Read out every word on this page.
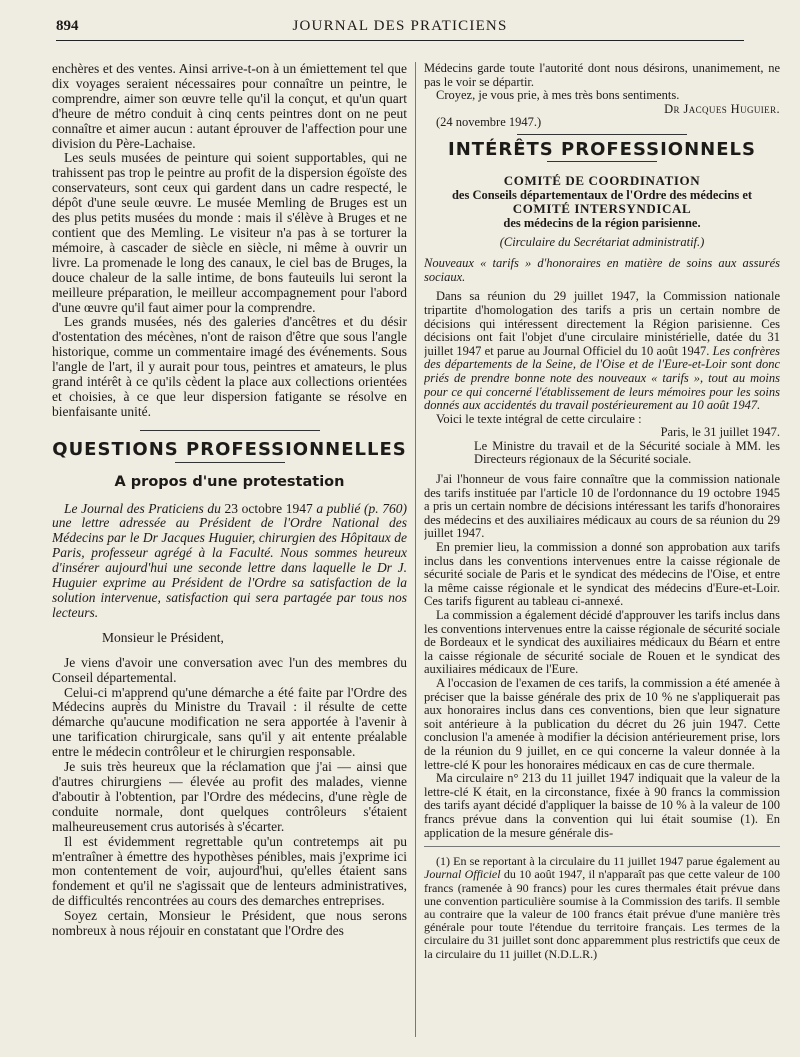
894	JOURNAL DES PRATICIENS

enchères et des ventes. Ainsi arrive-t-on à un émiettement tel que dix voyages seraient nécessaires pour connaître un peintre, le comprendre, aimer son œuvre telle qu'il la conçut, et qu'un quart d'heure de métro conduit à cinq cents peintres dont on ne peut connaître et aimer aucun : autant éprouver de l'affection pour une division du Père-Lachaise.

Les seuls musées de peinture qui soient supportables, qui ne trahissent pas trop le peintre au profit de la dispersion égoïste des conservateurs, sont ceux qui gardent dans un cadre respecté, le dépôt d'une seule œuvre. Le musée Memling de Bruges est un des plus petits musées du monde : mais il s'élève à Bruges et ne contient que des Memling. Le visiteur n'a pas à se torturer la mémoire, à cascader de siècle en siècle, ni même à ouvrir un livre. La promenade le long des canaux, le ciel bas de Bruges, la douce chaleur de la salle intime, de bons fauteuils lui seront la meilleure préparation, le meilleur accompagnement pour l'abord d'une œuvre qu'il faut aimer pour la comprendre.

Les grands musées, nés des galeries d'ancêtres et du désir d'ostentation des mécènes, n'ont de raison d'être que sous l'angle historique, comme un commentaire imagé des événements. Sous l'angle de l'art, il y aurait pour tous, peintres et amateurs, le plus grand intérêt à ce qu'ils cèdent la place aux collections orientées et choisies, à ce que leur dispersion fatigante se résolve en bienfaisante unité.

QUESTIONS PROFESSIONNELLES
A propos d'une protestation

Le Journal des Praticiens du 23 octobre 1947 a publié (p. 760) une lettre adressée au Président de l'Ordre National des Médecins par le Dr Jacques Huguier, chirurgien des Hôpitaux de Paris, professeur agrégé à la Faculté. Nous sommes heureux d'insérer aujourd'hui une seconde lettre dans laquelle le Dr J. Huguier exprime au Président de l'Ordre sa satisfaction de la solution intervenue, satisfaction qui sera partagée par tous nos lecteurs.

Monsieur le Président,

Je viens d'avoir une conversation avec l'un des membres du Conseil départemental.

Celui-ci m'apprend qu'une démarche a été faite par l'Ordre des Médecins auprès du Ministre du Travail : il résulte de cette démarche qu'aucune modification ne sera apportée à l'avenir à une tarification chirurgicale, sans qu'il y ait entente préalable entre le médecin contrôleur et le chirurgien responsable.

Je suis très heureux que la réclamation que j'ai — ainsi que d'autres chirurgiens — élevée au profit des malades, vienne d'aboutir à l'obtention, par l'Ordre des médecins, d'une règle de conduite normale, dont quelques contrôleurs s'étaient malheureusement crus autorisés à s'écarter.

Il est évidemment regrettable qu'un contretemps ait pu m'entraîner à émettre des hypothèses pénibles, mais j'exprime ici mon contentement de voir, aujourd'hui, qu'elles étaient sans fondement et qu'il ne s'agissait que de lenteurs administratives, de difficultés rencontrées au cours des demarches entreprises.

Soyez certain, Monsieur le Président, que nous serons nombreux à nous réjouir en constatant que l'Ordre des

Médecins garde toute l'autorité dont nous désirons, unanimement, ne pas le voir se départir.

Croyez, je vous prie, à mes très bons sentiments.

Dr Jacques Huguier.

(24 novembre 1947.)

INTÉRÊTS PROFESSIONNELS
COMITÉ DE COORDINATION
des Conseils départementaux de l'Ordre des médecins et
COMITÉ INTERSYNDICAL
des médecins de la région parisienne.
(Circulaire du Secrétariat administratif.)

Nouveaux « tarifs » d'honoraires en matière de soins aux assurés sociaux.

Dans sa réunion du 29 juillet 1947, la Commission nationale tripartite d'homologation des tarifs a pris un certain nombre de décisions qui intéressent directement la Région parisienne. Ces décisions ont fait l'objet d'une circulaire ministérielle, datée du 31 juillet 1947 et parue au Journal Officiel du 10 août 1947. Les confrères des départements de la Seine, de l'Oise et de l'Eure-et-Loir sont donc priés de prendre bonne note des nouveaux « tarifs », tout au moins pour ce qui concerné l'établissement de leurs mémoires pour les soins donnés aux accidentés du travail postérieurement au 10 août 1947.

Voici le texte intégral de cette circulaire :

Paris, le 31 juillet 1947.

Le Ministre du travail et de la Sécurité sociale à MM. les Directeurs régionaux de la Sécurité sociale.

J'ai l'honneur de vous faire connaître que la commission nationale des tarifs instituée par l'article 10 de l'ordonnance du 19 octobre 1945 a pris un certain nombre de décisions intéressant les tarifs d'honoraires des médecins et des auxiliaires médicaux au cours de sa réunion du 29 juillet 1947.

En premier lieu, la commission a donné son approbation aux tarifs inclus dans les conventions intervenues entre la caisse régionale de sécurité sociale de Paris et le syndicat des médecins de l'Oise, et entre la même caisse régionale et le syndicat des médecins d'Eure-et-Loir. Ces tarifs figurent au tableau ci-annexé.

La commission a également décidé d'approuver les tarifs inclus dans les conventions intervenues entre la caisse régionale de sécurité sociale de Bordeaux et le syndicat des auxiliaires médicaux du Béarn et entre la caisse régionale de sécurité sociale de Rouen et le syndicat des auxiliaires médicaux de l'Eure.

A l'occasion de l'examen de ces tarifs, la commission a été amenée à préciser que la baisse générale des prix de 10 % ne s'appliquerait pas aux honoraires inclus dans ces conventions, bien que leur signature soit antérieure à la publication du décret du 26 juin 1947. Cette conclusion l'a amenée à modifier la décision antérieurement prise, lors de la réunion du 9 juillet, en ce qui concerne la valeur donnée à la lettre-clé K pour les honoraires médicaux en cas de cure thermale.

Ma circulaire n° 213 du 11 juillet 1947 indiquait que la valeur de la lettre-clé K était, en la circonstance, fixée à 90 francs la commission des tarifs ayant décidé d'appliquer la baisse de 10 % à la valeur de 100 francs prévue dans la convention qui lui était soumise (1). En application de la mesure générale dis-

(1) En se reportant à la circulaire du 11 juillet 1947 parue également au Journal Officiel du 10 août 1947, il n'apparaît pas que cette valeur de 100 francs (ramenée à 90 francs) pour les cures thermales était prévue dans une convention particulière soumise à la Commission des tarifs. Il semble au contraire que la valeur de 100 francs était prévue d'une manière très générale pour toute l'étendue du territoire français. Les termes de la circulaire du 31 juillet sont donc apparemment plus restrictifs que ceux de la circulaire du 11 juillet (N.D.L.R.)
